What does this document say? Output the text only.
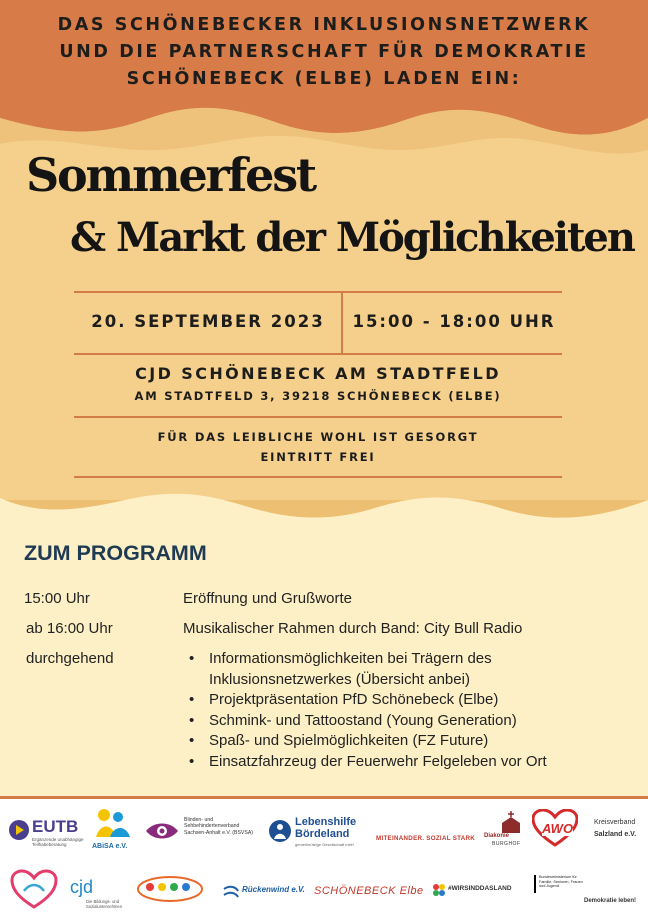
DAS SCHÖNEBECKER INKLUSIONSNETZWERK
UND DIE PARTNERSCHAFT FÜR DEMOKRATIE
SCHÖNEBECK (ELBE) LADEN EIN:
Sommerfest
& Markt der Möglichkeiten
20. SEPTEMBER 2023	15:00 - 18:00 UHR
CJD SCHÖNEBECK AM STADTFELD
AM STADTFELD 3, 39218 SCHÖNEBECK (ELBE)
FÜR DAS LEIBLICHE WOHL IST GESORGT
EINTRITT FREI
ZUM PROGRAMM
15:00 Uhr	Eröffnung und Grußworte
ab 16:00 Uhr	Musikalischer Rahmen durch Band: City Bull Radio
durchgehend
•	Informationsmöglichkeiten bei Trägern des
Inklusionsnetzwerkes (Übersicht anbei)
• Projektpräsentation PfD Schönebeck (Elbe)
• Schmink- und Tattoostand (Young Generation)
• Spaß- und Spielmöglichkeiten (FZ Future)
• Einsatzfahrzeug der Feuerwehr Felgeleben vor Ort
EUTB
Ergänzende unabhängige Teilhabeberatung	ABiSA e.V.
Blinden- und Sehbehindertenverband Sachsen-Anhalt e.V. (BSVSA)
Lebenshilfe
Bördeland
gemeinnützige Gesellschaft mbH
MITEINANDER. SOZIAL STARK	Diakonie
BURGHOF
AWO	Kreisverband
Salzland e.V.
cjd
Die Bildungs- und Sozialunternehmen
Rückenwind e.V. SCHÖNEBECK Elbe	#WIRSINDDASLAND
Bundesministerium für Familie, Senioren, Frauen und Jugend
Demokratie leben!
